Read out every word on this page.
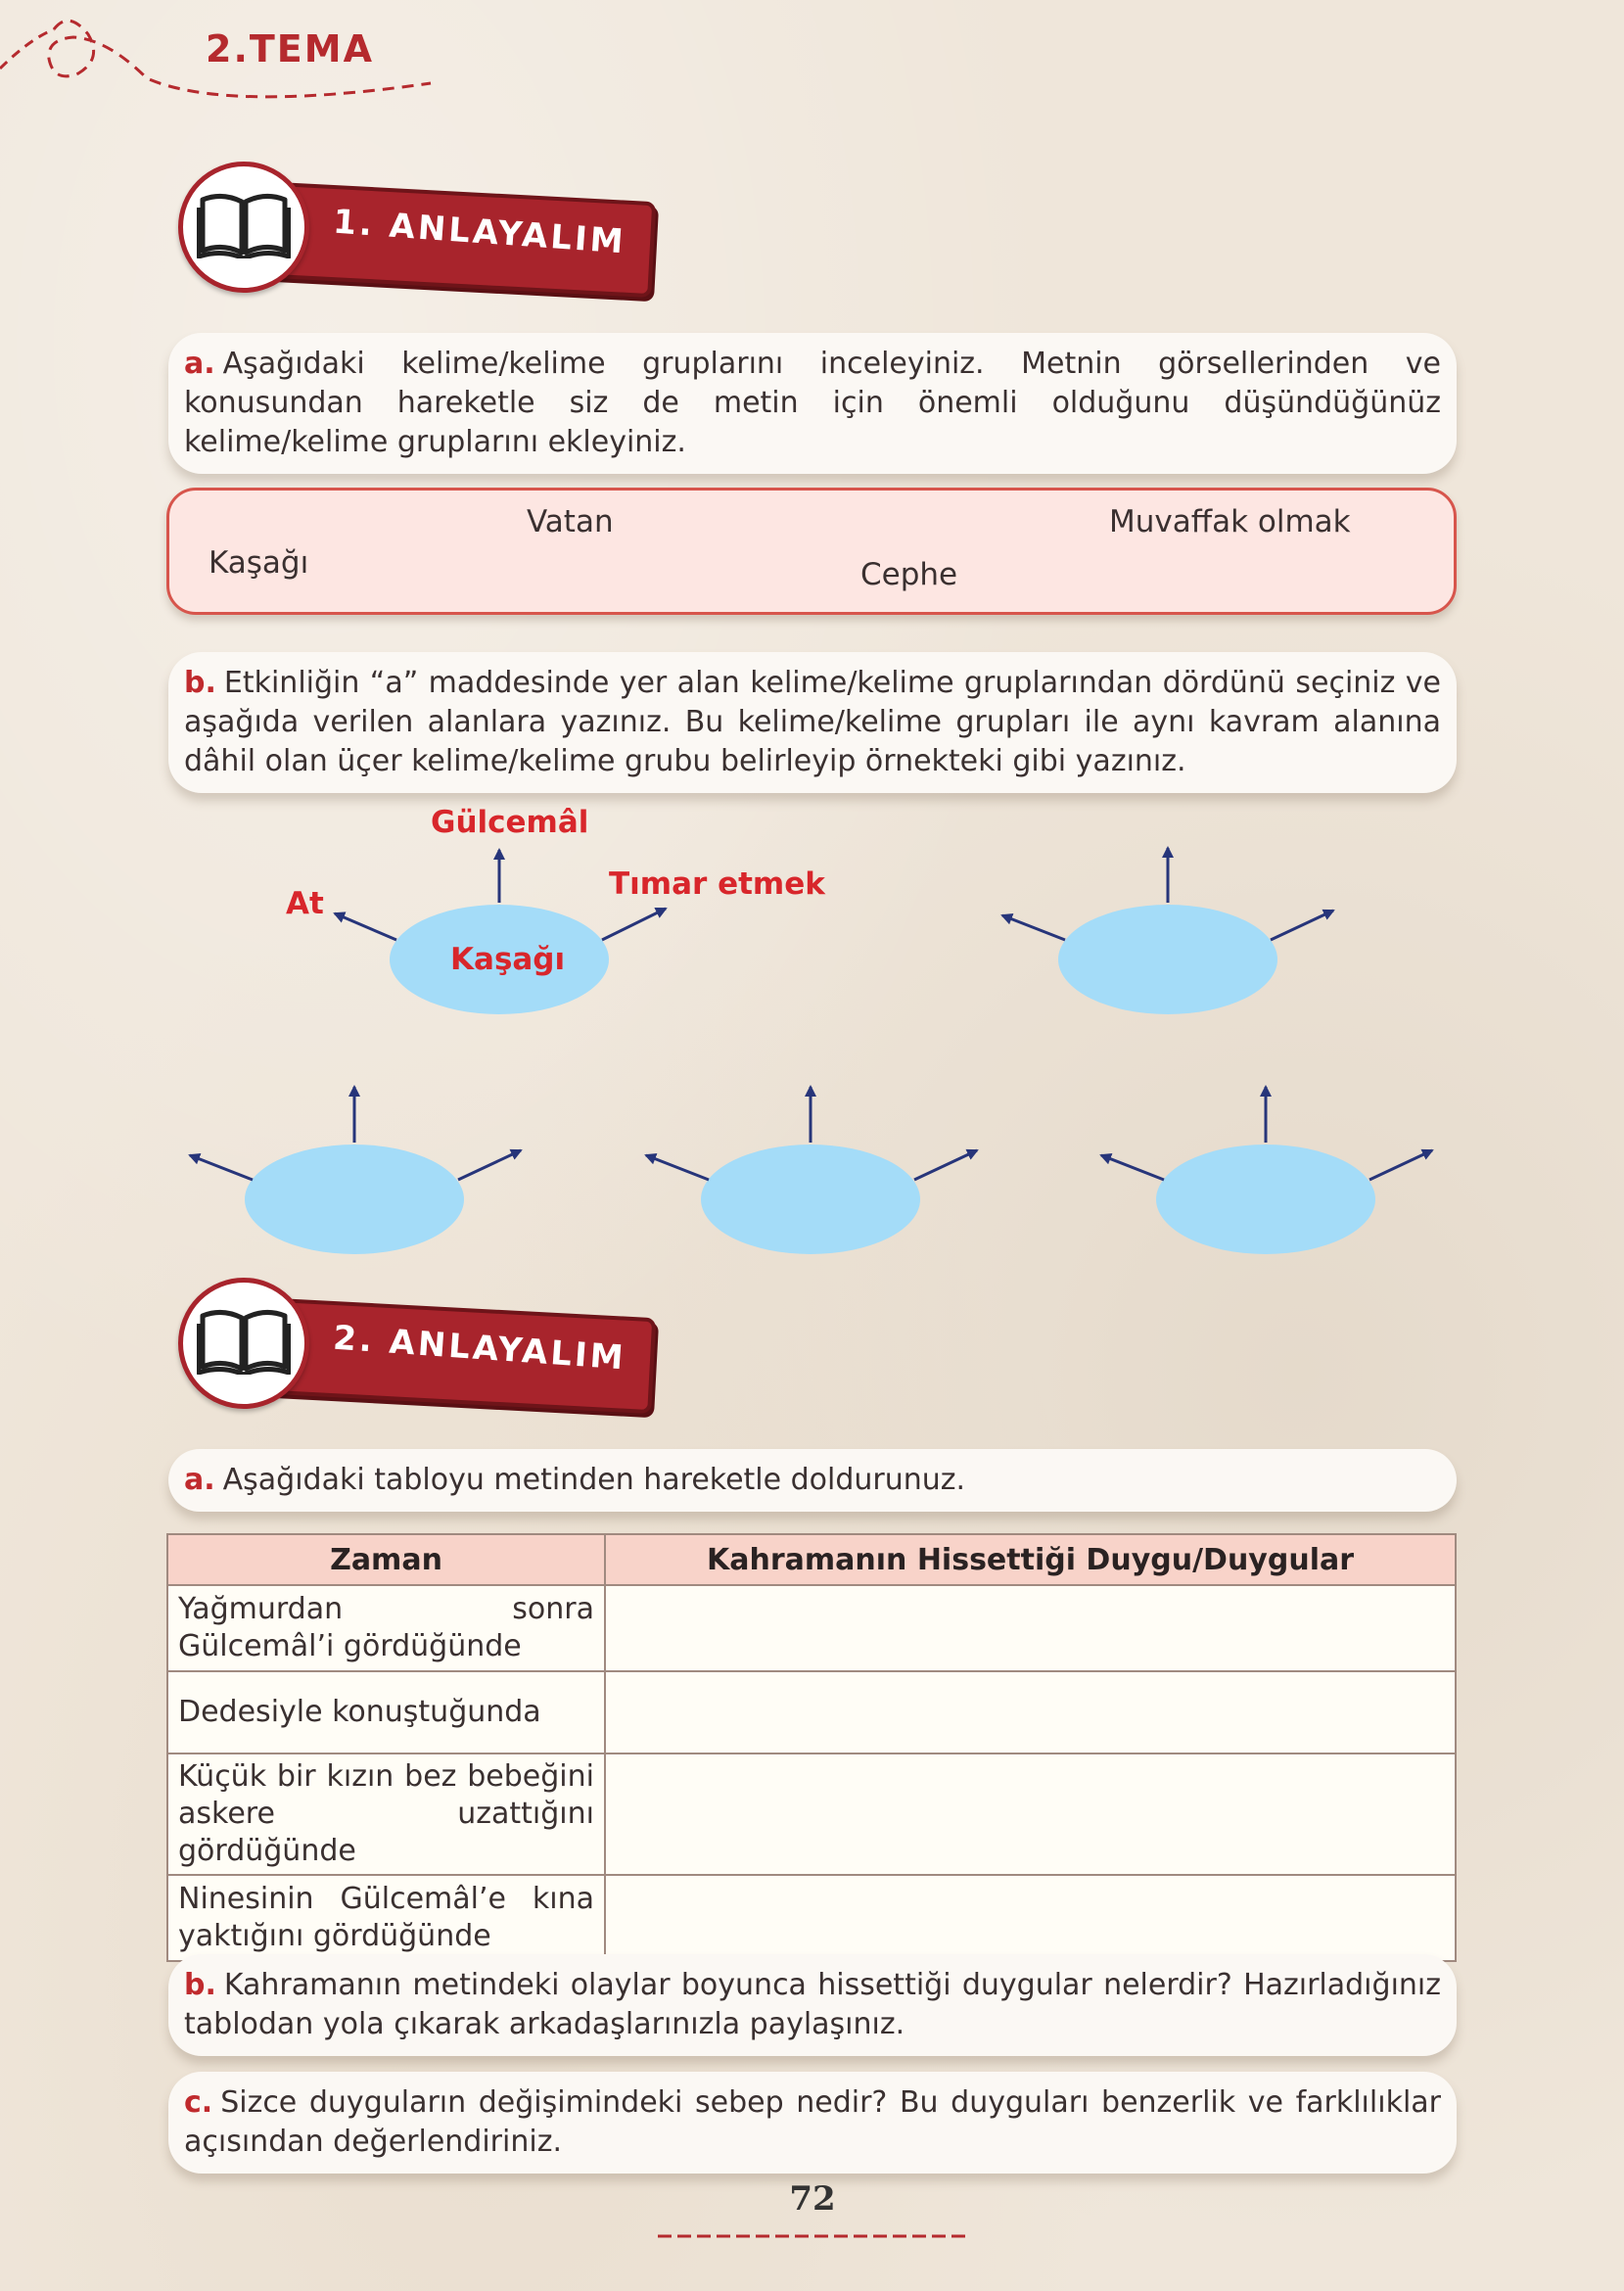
2.TEMA
1. ANLAYALIM
a. Aşağıdaki kelime/kelime gruplarını inceleyiniz. Metnin görsellerinden ve konusundan hareketle siz de metin için önemli olduğunu düşündüğünüz kelime/kelime gruplarını ekleyiniz.
Vatan	Muvaffak olmak
Kaşağı	Cephe
b. Etkinliğin “a” maddesinde yer alan kelime/kelime gruplarından dördünü seçiniz ve aşağıda verilen alanlara yazınız. Bu kelime/kelime grupları ile aynı kavram alanına dâhil olan üçer kelime/kelime grubu belirleyip örnekteki gibi yazınız.
Kaşağı
Gülcemâl
At
Tımar etmek
2. ANLAYALIM
a. Aşağıdaki tabloyu metinden hareketle doldurunuz.
Zaman	Kahramanın Hissettiği Duygu/Duygular
Yağmurdan sonra Gülcemâl’i gördüğünde	
Dedesiyle konuştuğunda	
Küçük bir kızın bez bebeğini askere uzattığını gördüğünde	
Ninesinin Gülcemâl’e kına yaktığını gördüğünde	
b. Kahramanın metindeki olaylar boyunca hissettiği duygular nelerdir? Hazırladığınız tablodan yola çıkarak arkadaşlarınızla paylaşınız.
c. Sizce duyguların değişimindeki sebep nedir? Bu duyguları benzerlik ve farklılıklar açısından değerlendiriniz.
72
